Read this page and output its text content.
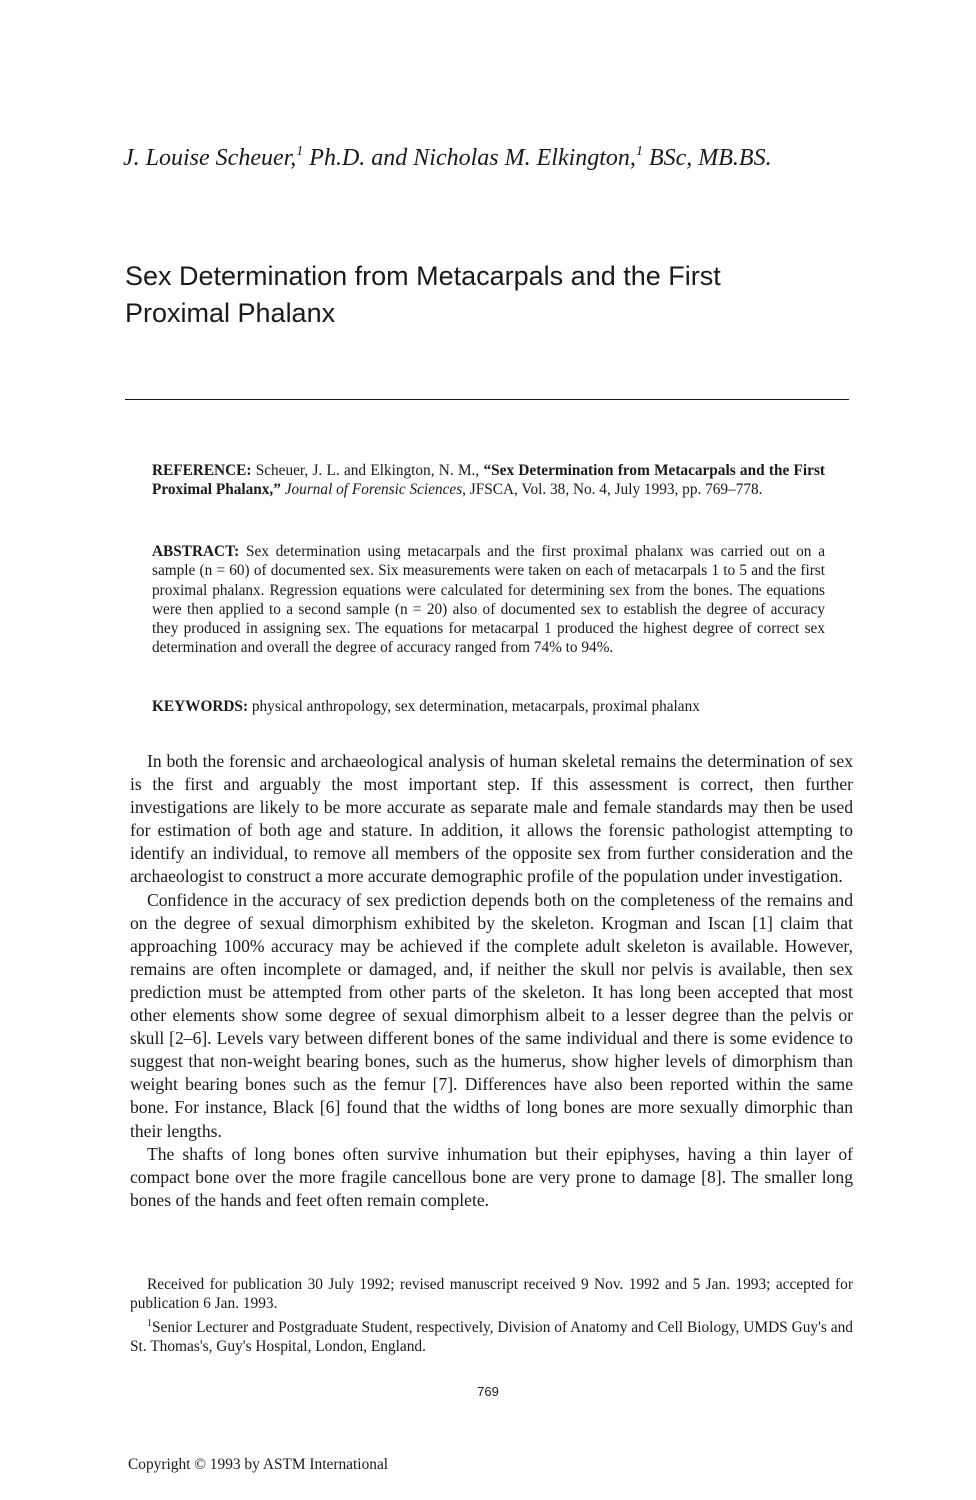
J. Louise Scheuer,$^1$ Ph.D. and Nicholas M. Elkington,$^1$ BSc, MB.BS.
Sex Determination from Metacarpals and the First Proximal Phalanx

REFERENCE: Scheuer, J. L. and Elkington, N. M., “Sex Determination from Metacarpals and the First Proximal Phalanx,” Journal of Forensic Sciences, JFSCA, Vol. 38, No. 4, July 1993, pp. 769–778.

ABSTRACT: Sex determination using metacarpals and the first proximal phalanx was carried out on a sample (n = 60) of documented sex. Six measurements were taken on each of metacarpals 1 to 5 and the first proximal phalanx. Regression equations were calculated for determining sex from the bones. The equations were then applied to a second sample (n = 20) also of documented sex to establish the degree of accuracy they produced in assigning sex. The equations for metacarpal 1 produced the highest degree of correct sex determination and overall the degree of accuracy ranged from 74% to 94%.

KEYWORDS: physical anthropology, sex determination, metacarpals, proximal phalanx

In both the forensic and archaeological analysis of human skeletal remains the determination of sex is the first and arguably the most important step. If this assessment is correct, then further investigations are likely to be more accurate as separate male and female standards may then be used for estimation of both age and stature. In addition, it allows the forensic pathologist attempting to identify an individual, to remove all members of the opposite sex from further consideration and the archaeologist to construct a more accurate demographic profile of the population under investigation.

Confidence in the accuracy of sex prediction depends both on the completeness of the remains and on the degree of sexual dimorphism exhibited by the skeleton. Krogman and Iscan [1] claim that approaching 100% accuracy may be achieved if the complete adult skeleton is available. However, remains are often incomplete or damaged, and, if neither the skull nor pelvis is available, then sex prediction must be attempted from other parts of the skeleton. It has long been accepted that most other elements show some degree of sexual dimorphism albeit to a lesser degree than the pelvis or skull [2–6]. Levels vary between different bones of the same individual and there is some evidence to suggest that non-weight bearing bones, such as the humerus, show higher levels of dimorphism than weight bearing bones such as the femur [7]. Differences have also been reported within the same bone. For instance, Black [6] found that the widths of long bones are more sexually dimorphic than their lengths.

The shafts of long bones often survive inhumation but their epiphyses, having a thin layer of compact bone over the more fragile cancellous bone are very prone to damage [8]. The smaller long bones of the hands and feet often remain complete.

Received for publication 30 July 1992; revised manuscript received 9 Nov. 1992 and 5 Jan. 1993; accepted for publication 6 Jan. 1993.

$^1$Senior Lecturer and Postgraduate Student, respectively, Division of Anatomy and Cell Biology, UMDS Guy's and St. Thomas's, Guy's Hospital, London, England.

769
Copyright © 1993 by ASTM International
